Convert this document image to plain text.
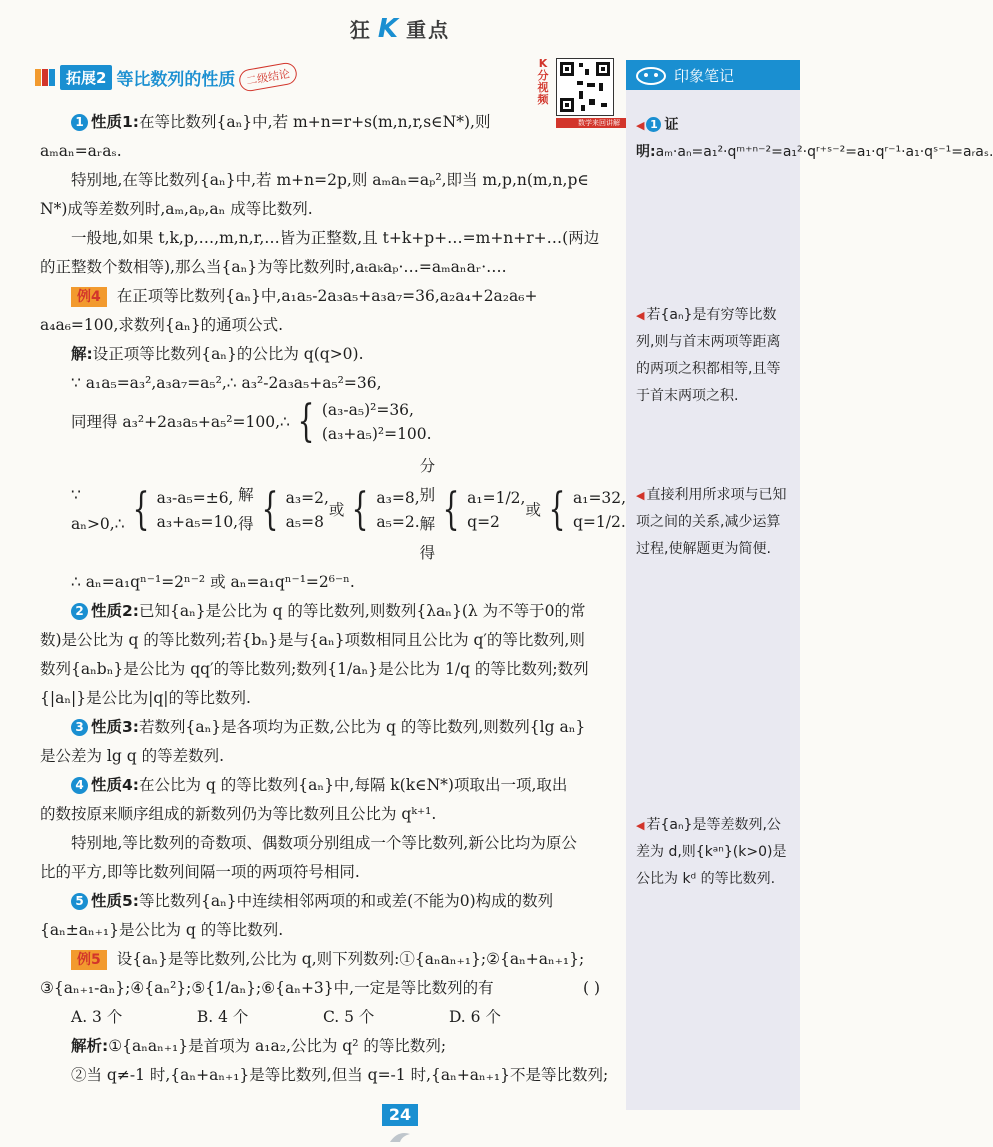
狂 K 重点
拓展2 等比数列的性质 二级结论
K分视频
数学来回讲解
印象笔记

1 性质1:在等比数列{aₙ}中,若 m+n=r+s(m,n,r,s∈N*),则

aₘaₙ=aᵣaₛ.

特别地,在等比数列{aₙ}中,若 m+n=2p,则 aₘaₙ=aₚ²,即当 m,p,n(m,n,p∈

N*)成等差数列时,aₘ,aₚ,aₙ 成等比数列.

一般地,如果 t,k,p,…,m,n,r,…皆为正整数,且 t+k+p+…=m+n+r+…(两边

的正整数个数相等),那么当{aₙ}为等比数列时,aₜaₖaₚ·…=aₘaₙaᵣ·….

例4 在正项等比数列{aₙ}中,a₁a₅-2a₃a₅+a₃a₇=36,a₂a₄+2a₂a₆+

a₄a₆=100,求数列{aₙ}的通项公式.

解:设正项等比数列{aₙ}的公比为 q(q>0).

∵ a₁a₅=a₃²,a₃a₇=a₅²,∴ a₃²-2a₃a₅+a₅²=36,

同理得 a₃²+2a₃a₅+a₅²=100,∴ { (a₃-a₅)²=36,
(a₃+a₅)²=100.
∵ aₙ>0,∴ { a₃-a₅=±6,
a₃+a₅=10,
解得 { a₃=2,
a₅=8
或 { a₃=8,
a₅=2.
分别解得
{ a₁=1/2,
q=2
或 { a₁=32,
q=1/2.

∴ aₙ=a₁qⁿ⁻¹=2ⁿ⁻² 或 aₙ=a₁qⁿ⁻¹=2⁶⁻ⁿ.

2 性质2:已知{aₙ}是公比为 q 的等比数列,则数列{λaₙ}(λ 为不等于0的常

数)是公比为 q 的等比数列;若{bₙ}是与{aₙ}项数相同且公比为 q′的等比数列,则

数列{aₙbₙ}是公比为 qq′的等比数列;数列{1/aₙ}是公比为 1/q 的等比数列;数列

{|aₙ|}是公比为|q|的等比数列.

3 性质3:若数列{aₙ}是各项均为正数,公比为 q 的等比数列,则数列{lg aₙ}

是公差为 lg q 的等差数列.

4 性质4:在公比为 q 的等比数列{aₙ}中,每隔 k(k∈N*)项取出一项,取出

的数按原来顺序组成的新数列仍为等比数列且公比为 qᵏ⁺¹.

特别地,等比数列的奇数项、偶数项分别组成一个等比数列,新公比均为原公

比的平方,即等比数列间隔一项的两项符号相同.

5 性质5:等比数列{aₙ}中连续相邻两项的和或差(不能为0)构成的数列

{aₙ±aₙ₊₁}是公比为 q 的等比数列.

例5 设{aₙ}是等比数列,公比为 q,则下列数列:①{aₙaₙ₊₁};②{aₙ+aₙ₊₁};

③{aₙ₊₁-aₙ};④{aₙ²};⑤{1/aₙ};⑥{aₙ+3}中,一定是等比数列的有	( )

A. 3 个	B. 4 个	C. 5 个	D. 6 个

解析:①{aₙaₙ₊₁}是首项为 a₁a₂,公比为 q² 的等比数列;

②当 q≠-1 时,{aₙ+aₙ₊₁}是等比数列,但当 q=-1 时,{aₙ+aₙ₊₁}不是等比数列;

◀ 1 证明:aₘ·aₙ=a₁²·qᵐ⁺ⁿ⁻²=a₁²·qʳ⁺ˢ⁻²=a₁·qʳ⁻¹·a₁·qˢ⁻¹=aᵣaₛ.
◀ 若{aₙ}是有穷等比数列,则与首末两项等距离的两项之积都相等,且等于首末两项之积.
◀ 直接利用所求项与已知项之间的关系,减少运算过程,使解题更为简便.
◀ 若{aₙ}是等差数列,公差为 d,则{kᵃⁿ}(k>0)是公比为 kᵈ 的等比数列.
24
